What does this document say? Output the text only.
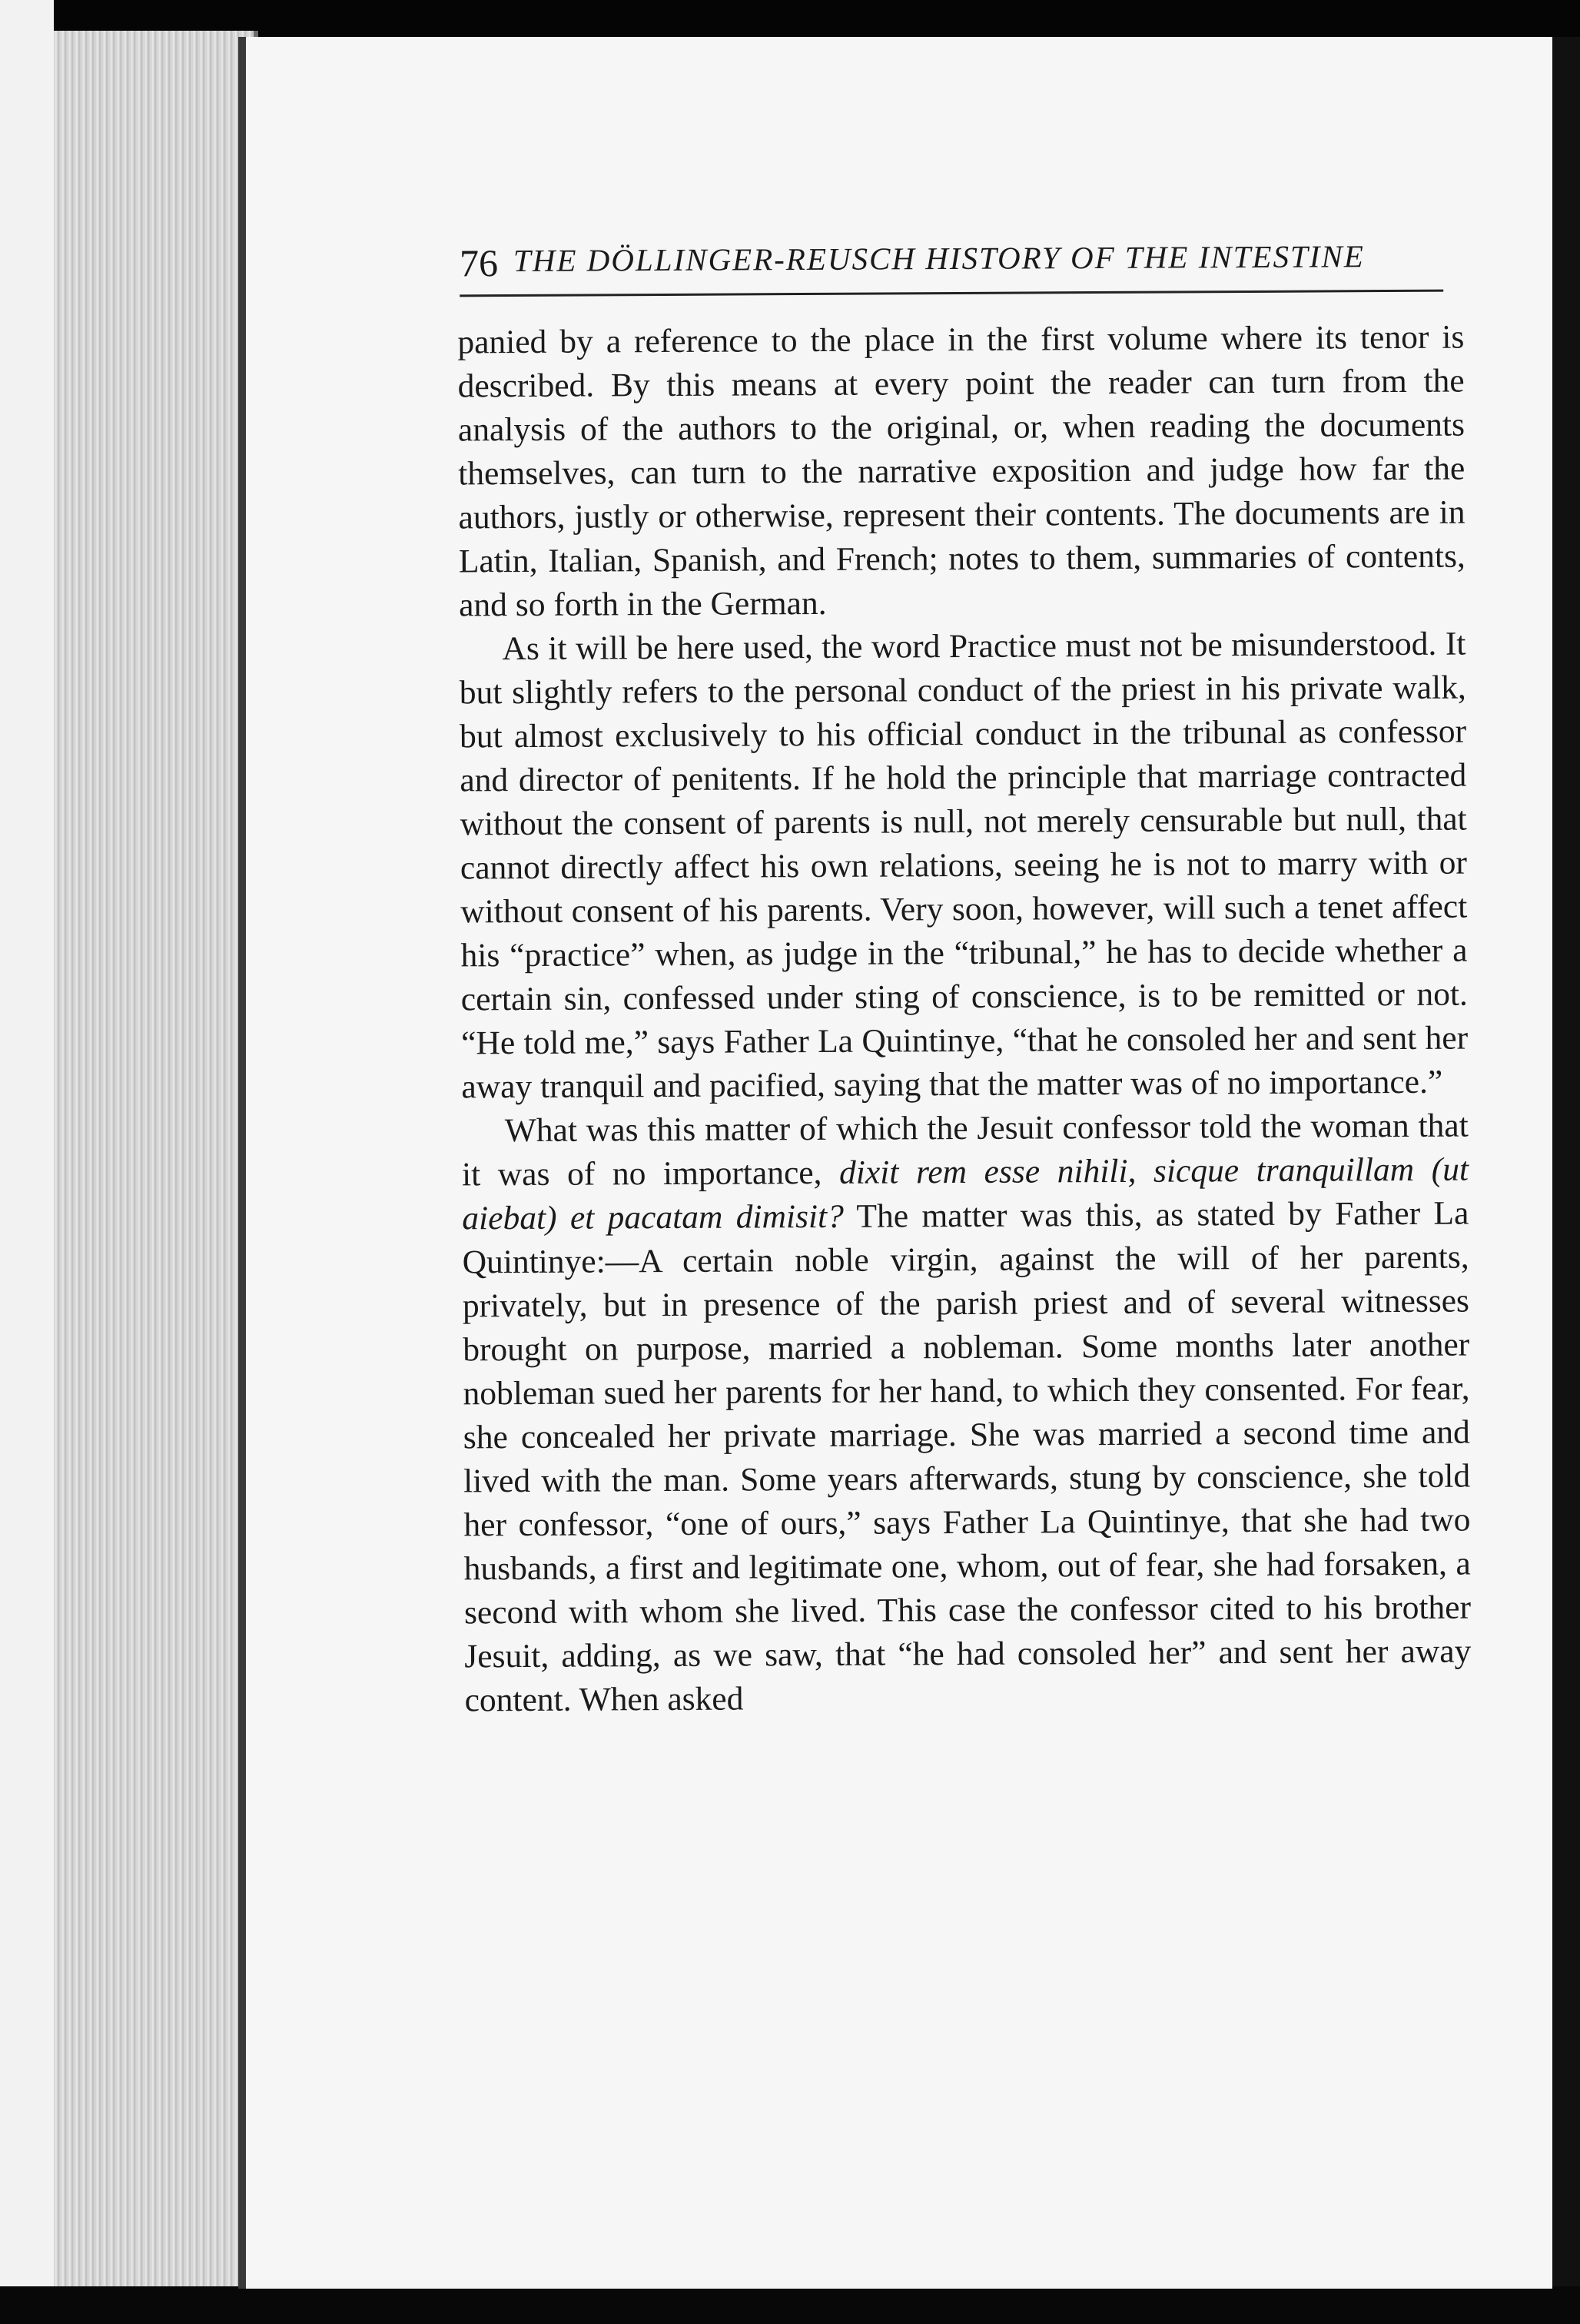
76 THE DÖLLINGER-REUSCH HISTORY OF THE INTESTINE

panied by a reference to the place in the first volume where its tenor is described. By this means at every point the reader can turn from the analysis of the authors to the original, or, when reading the documents themselves, can turn to the narrative exposition and judge how far the authors, justly or otherwise, represent their contents. The documents are in Latin, Italian, Spanish, and French; notes to them, summaries of contents, and so forth in the German.

As it will be here used, the word Practice must not be misunderstood. It but slightly refers to the personal conduct of the priest in his private walk, but almost exclusively to his official conduct in the tribunal as confessor and director of penitents. If he hold the principle that marriage contracted without the consent of parents is null, not merely censurable but null, that cannot directly affect his own relations, seeing he is not to marry with or without consent of his parents. Very soon, however, will such a tenet affect his “practice” when, as judge in the “tribunal,” he has to decide whether a certain sin, confessed under sting of conscience, is to be remitted or not. “He told me,” says Father La Quintinye, “that he consoled her and sent her away tranquil and pacified, saying that the matter was of no importance.”

What was this matter of which the Jesuit confessor told the woman that it was of no importance, dixit rem esse nihili, sicque tranquillam (ut aiebat) et pacatam dimisit? The matter was this, as stated by Father La Quintinye:—A certain noble virgin, against the will of her parents, privately, but in presence of the parish priest and of several witnesses brought on purpose, married a nobleman. Some months later another nobleman sued her parents for her hand, to which they consented. For fear, she concealed her private marriage. She was married a second time and lived with the man. Some years afterwards, stung by conscience, she told her confessor, “one of ours,” says Father La Quintinye, that she had two husbands, a first and legitimate one, whom, out of fear, she had forsaken, a second with whom she lived. This case the confessor cited to his brother Jesuit, adding, as we saw, that “he had consoled her” and sent her away content. When asked
